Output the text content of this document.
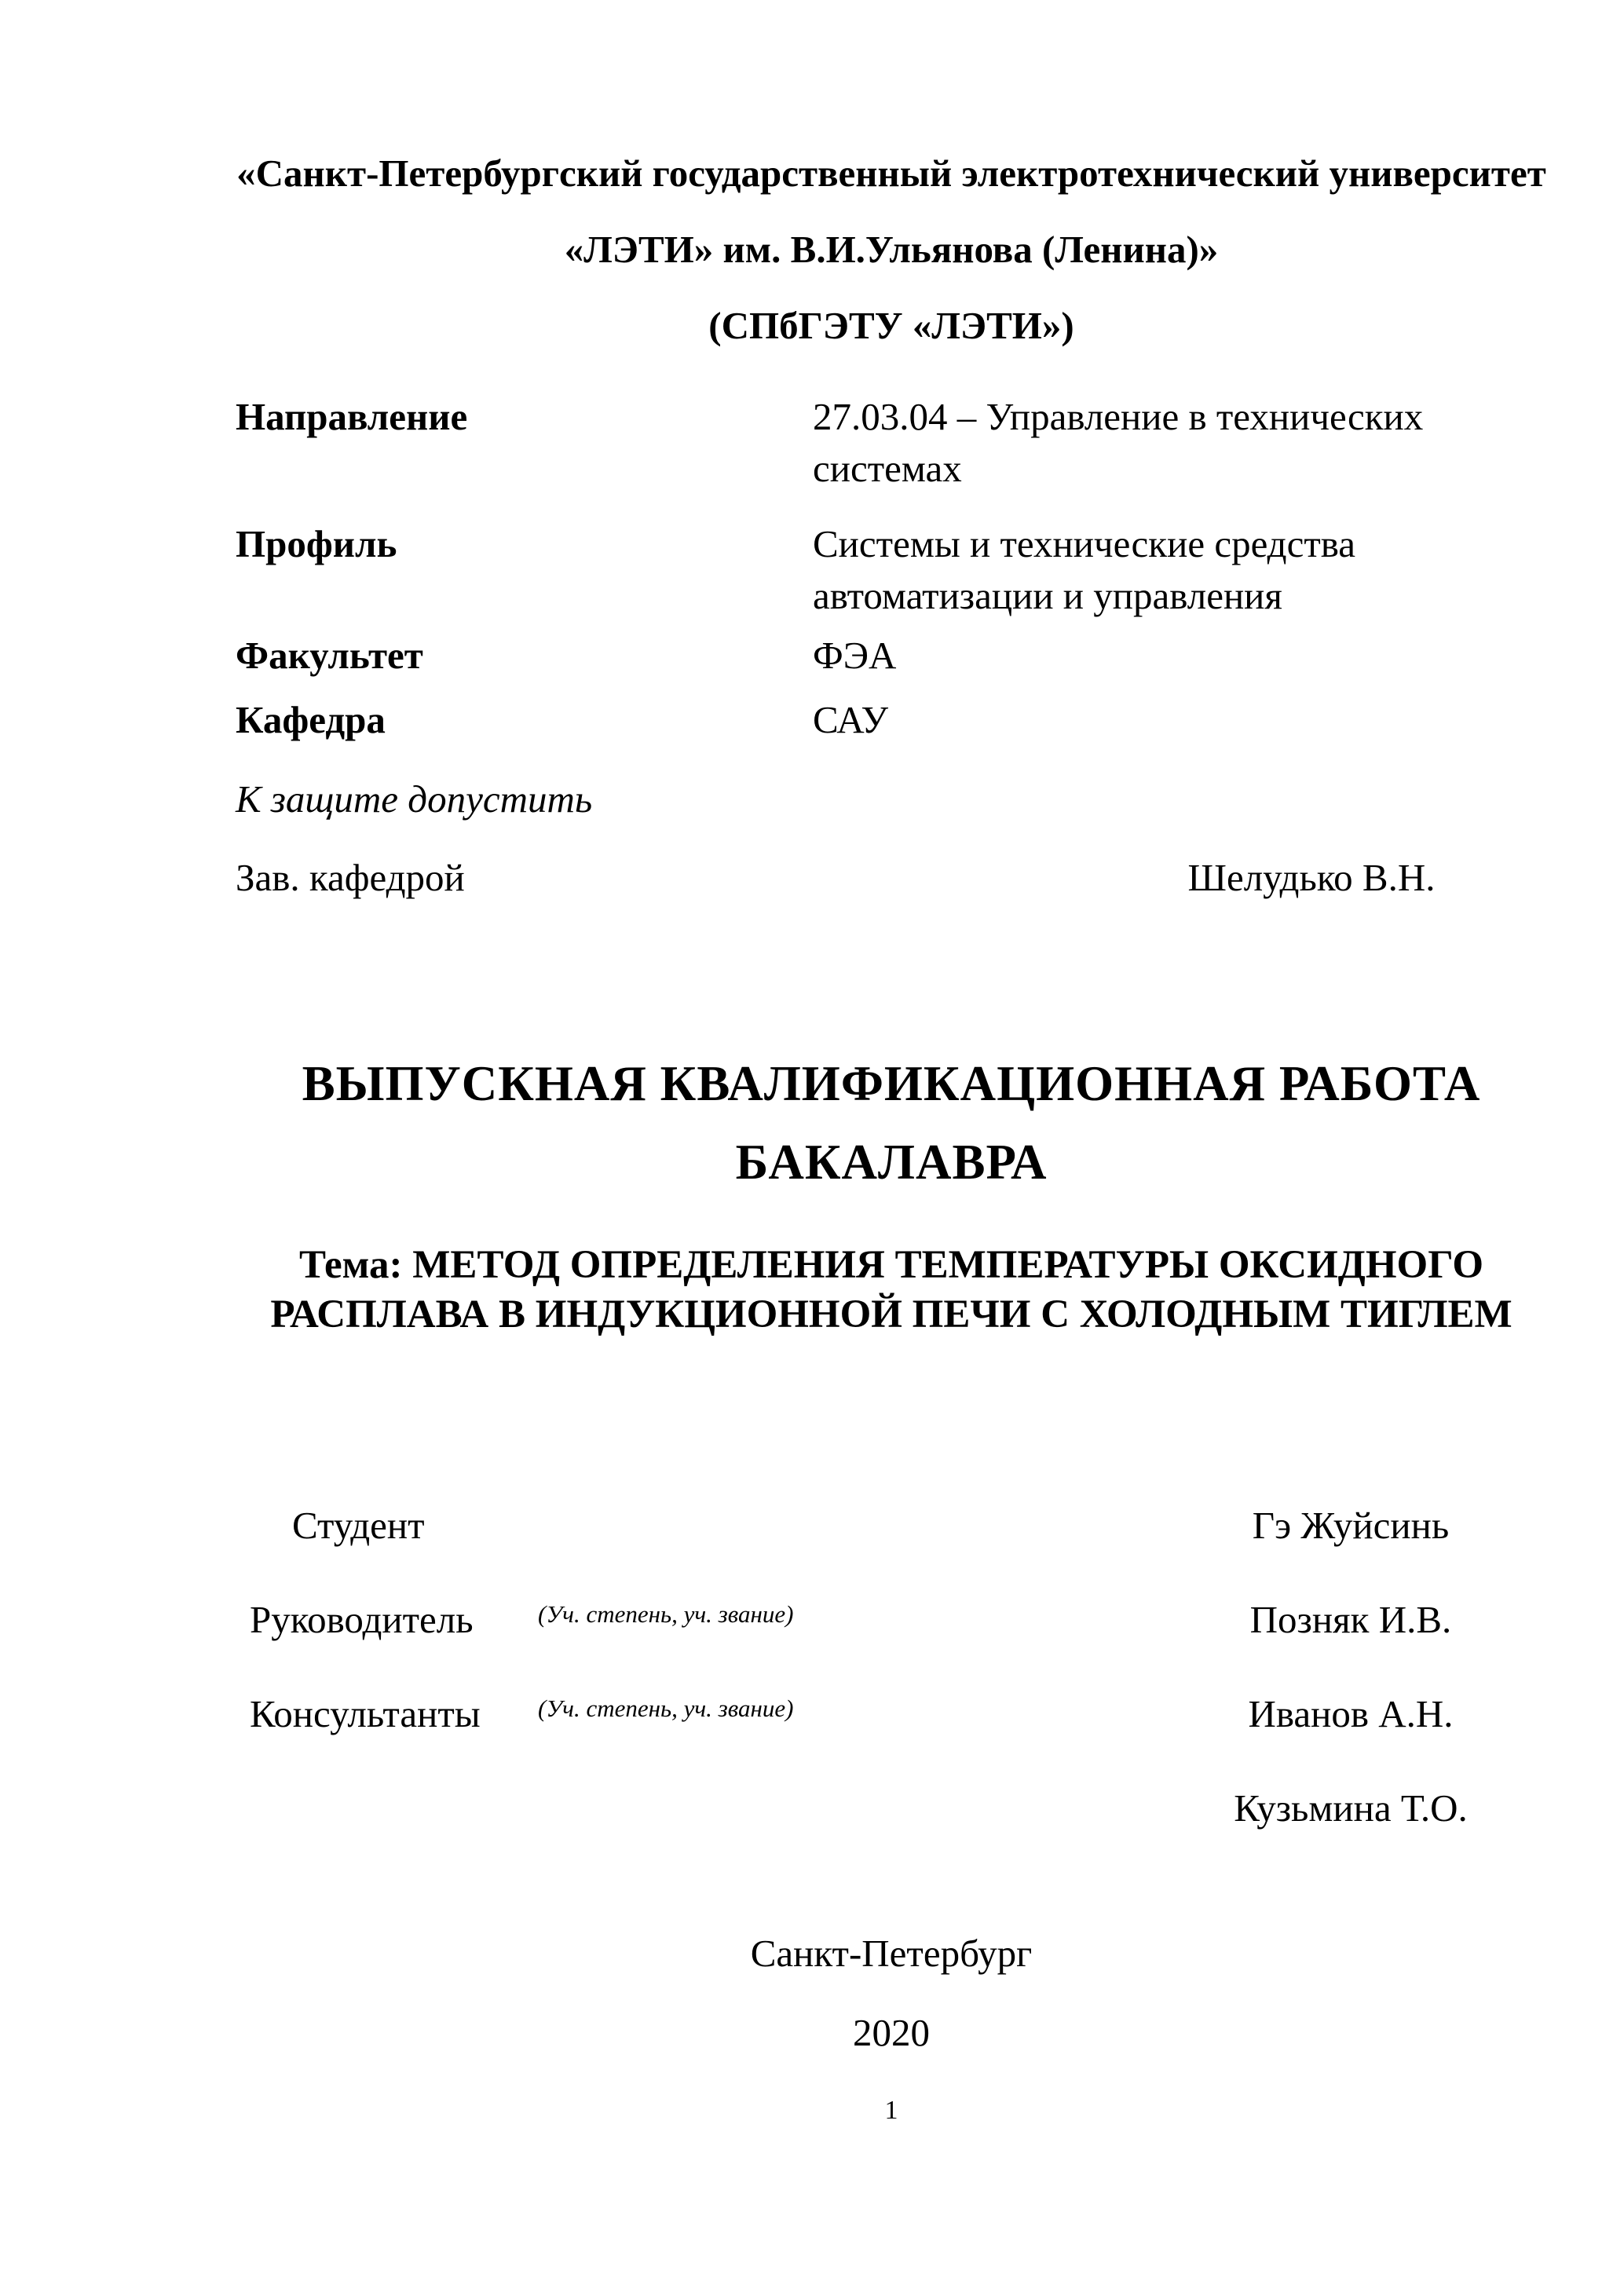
«Санкт-Петербургский государственный электротехнический университет
«ЛЭТИ» им. В.И.Ульянова (Ленина)»
(СПбГЭТУ «ЛЭТИ»)
Направление	27.03.04 – Управление в технических системах
Профиль	Системы и технические средства автоматизации и управления
Факультет	ФЭА
Кафедра	САУ
К защите допустить
Зав. кафедрой	Шелудько В.Н.
ВЫПУСКНАЯ КВАЛИФИКАЦИОННАЯ РАБОТА
БАКАЛАВРА
Тема: МЕТОД ОПРЕДЕЛЕНИЯ ТЕМПЕРАТУРЫ ОКСИДНОГО
РАСПЛАВА В ИНДУКЦИОННОЙ ПЕЧИ С ХОЛОДНЫМ ТИГЛЕМ
Студент	Гэ Жуйсинь
Руководитель	(Уч. степень, уч. звание)	Позняк И.В.
Консультанты	(Уч. степень, уч. звание)	Иванов А.Н.
Кузьмина Т.О.
Санкт-Петербург
2020
1
